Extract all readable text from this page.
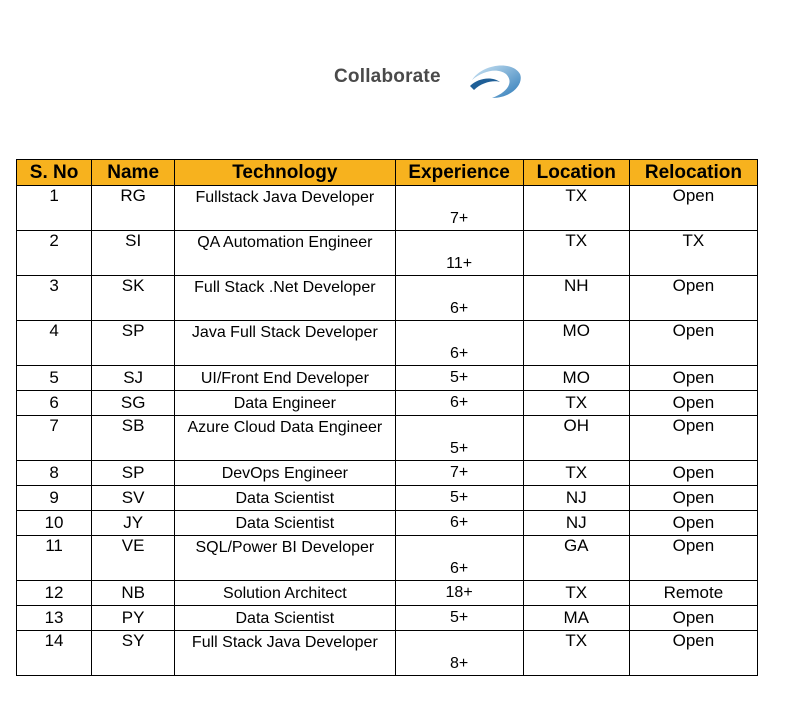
Collaborate
S. No	Name	Technology	Experience	Location	Relocation
1	RG	Fullstack Java Developer	7+	TX	Open
2	SI	QA Automation Engineer	11+	TX	TX
3	SK	Full Stack .Net Developer	6+	NH	Open
4	SP	Java Full Stack Developer	6+	MO	Open
5	SJ	UI/Front End Developer	5+	MO	Open
6	SG	Data Engineer	6+	TX	Open
7	SB	Azure Cloud Data Engineer	5+	OH	Open
8	SP	DevOps Engineer	7+	TX	Open
9	SV	Data Scientist	5+	NJ	Open
10	JY	Data Scientist	6+	NJ	Open
11	VE	SQL/Power BI Developer	6+	GA	Open
12	NB	Solution Architect	18+	TX	Remote
13	PY	Data Scientist	5+	MA	Open
14	SY	Full Stack Java Developer	8+	TX	Open
